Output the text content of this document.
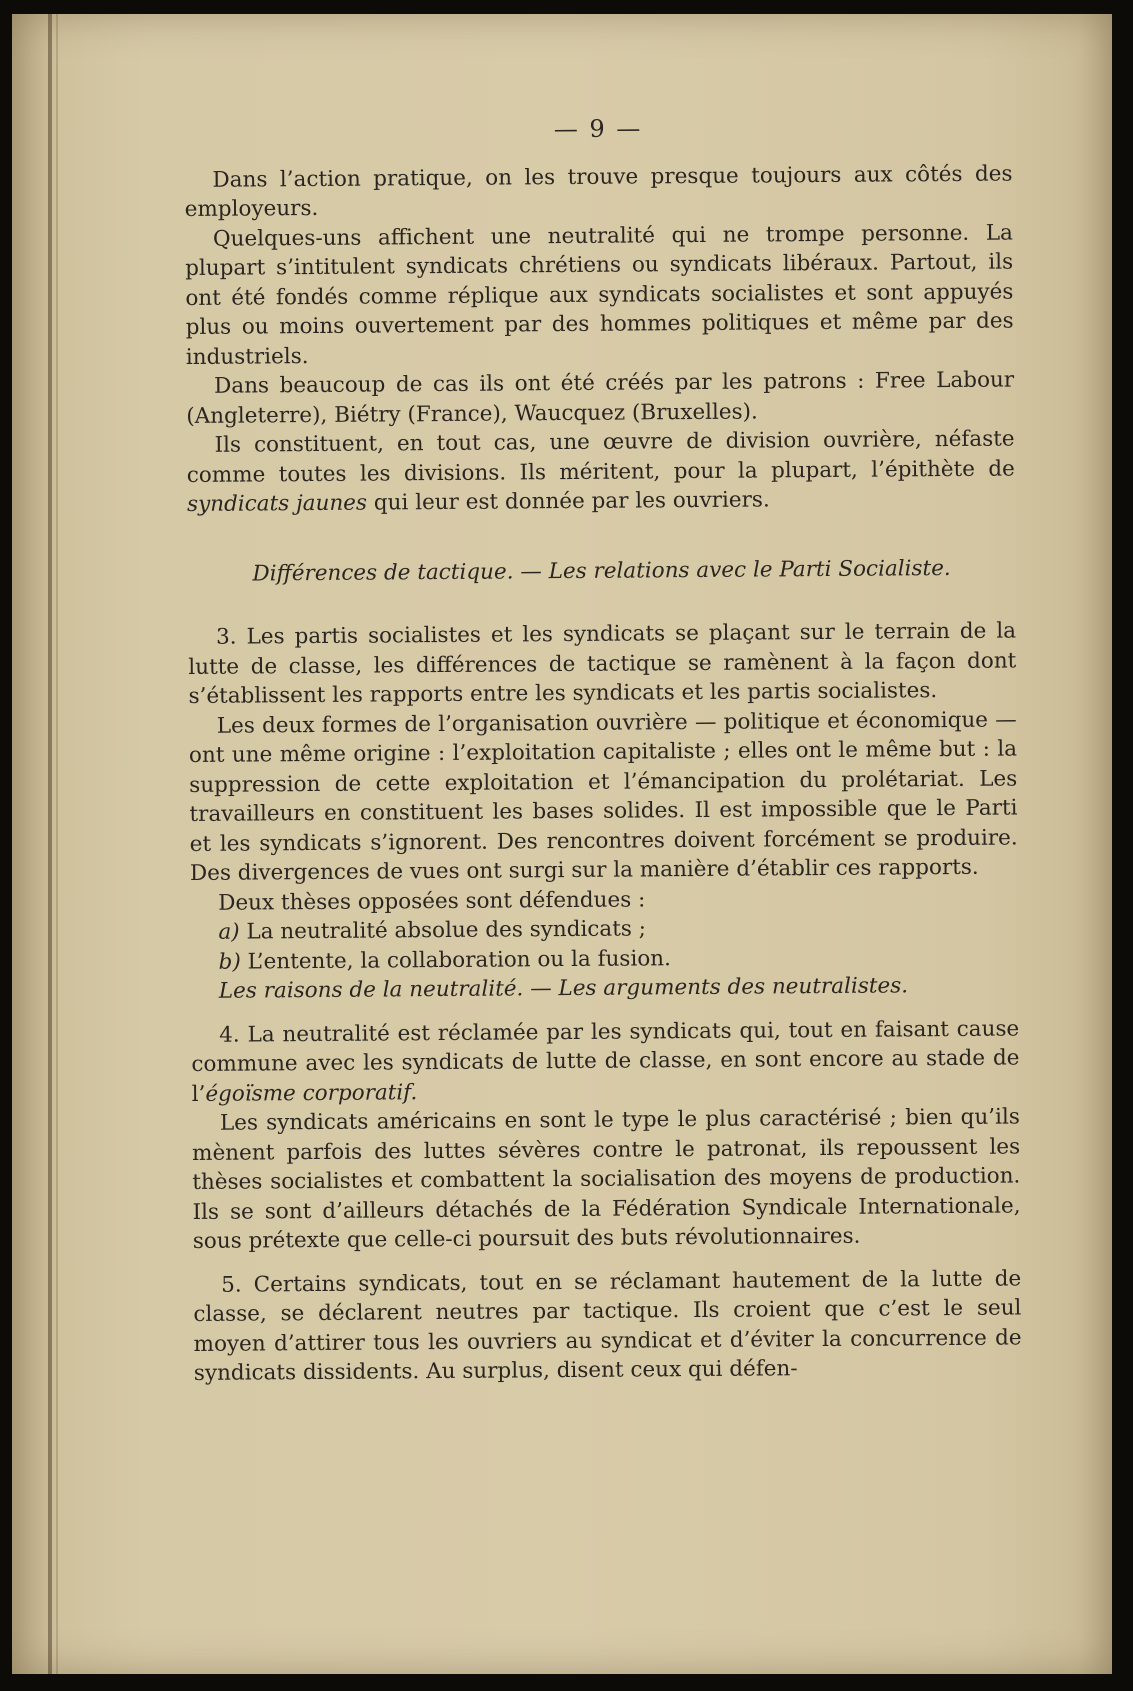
— 9 —

Dans l’action pratique, on les trouve presque toujours aux côtés des employeurs.

Quelques-uns affichent une neutralité qui ne trompe personne. La plupart s’intitulent syndicats chrétiens ou syndicats libéraux. Partout, ils ont été fondés comme réplique aux syndicats socialistes et sont appuyés plus ou moins ouvertement par des hommes politiques et même par des industriels.

Dans beaucoup de cas ils ont été créés par les patrons : Free Labour (Angleterre), Biétry (France), Waucquez (Bruxelles).

Ils constituent, en tout cas, une œuvre de division ouvrière, néfaste comme toutes les divisions. Ils méritent, pour la plupart, l’épithète de syndicats jaunes qui leur est donnée par les ouvriers.

Différences de tactique. — Les relations avec le Parti Socialiste.

3. Les partis socialistes et les syndicats se plaçant sur le terrain de la lutte de classe, les différences de tactique se ramènent à la façon dont s’établissent les rapports entre les syndicats et les partis socialistes.

Les deux formes de l’organisation ouvrière — politique et économique — ont une même origine : l’exploitation capitaliste ; elles ont le même but : la suppression de cette exploitation et l’émancipation du prolétariat. Les travailleurs en constituent les bases solides. Il est impossible que le Parti et les syndicats s’ignorent. Des rencontres doivent forcément se produire. Des divergences de vues ont surgi sur la manière d’établir ces rapports.

Deux thèses opposées sont défendues :

a) La neutralité absolue des syndicats ;

b) L’entente, la collaboration ou la fusion.

Les raisons de la neutralité. — Les arguments des neutralistes.

4. La neutralité est réclamée par les syndicats qui, tout en faisant cause commune avec les syndicats de lutte de classe, en sont encore au stade de l’égoïsme corporatif.

Les syndicats américains en sont le type le plus caractérisé ; bien qu’ils mènent parfois des luttes sévères contre le patronat, ils repoussent les thèses socialistes et combattent la socialisation des moyens de production. Ils se sont d’ailleurs détachés de la Fédération Syndicale Internationale, sous prétexte que celle-ci poursuit des buts révolutionnaires.

5. Certains syndicats, tout en se réclamant hautement de la lutte de classe, se déclarent neutres par tactique. Ils croient que c’est le seul moyen d’attirer tous les ouvriers au syndicat et d’éviter la concurrence de syndicats dissidents. Au surplus, disent ceux qui défen-
